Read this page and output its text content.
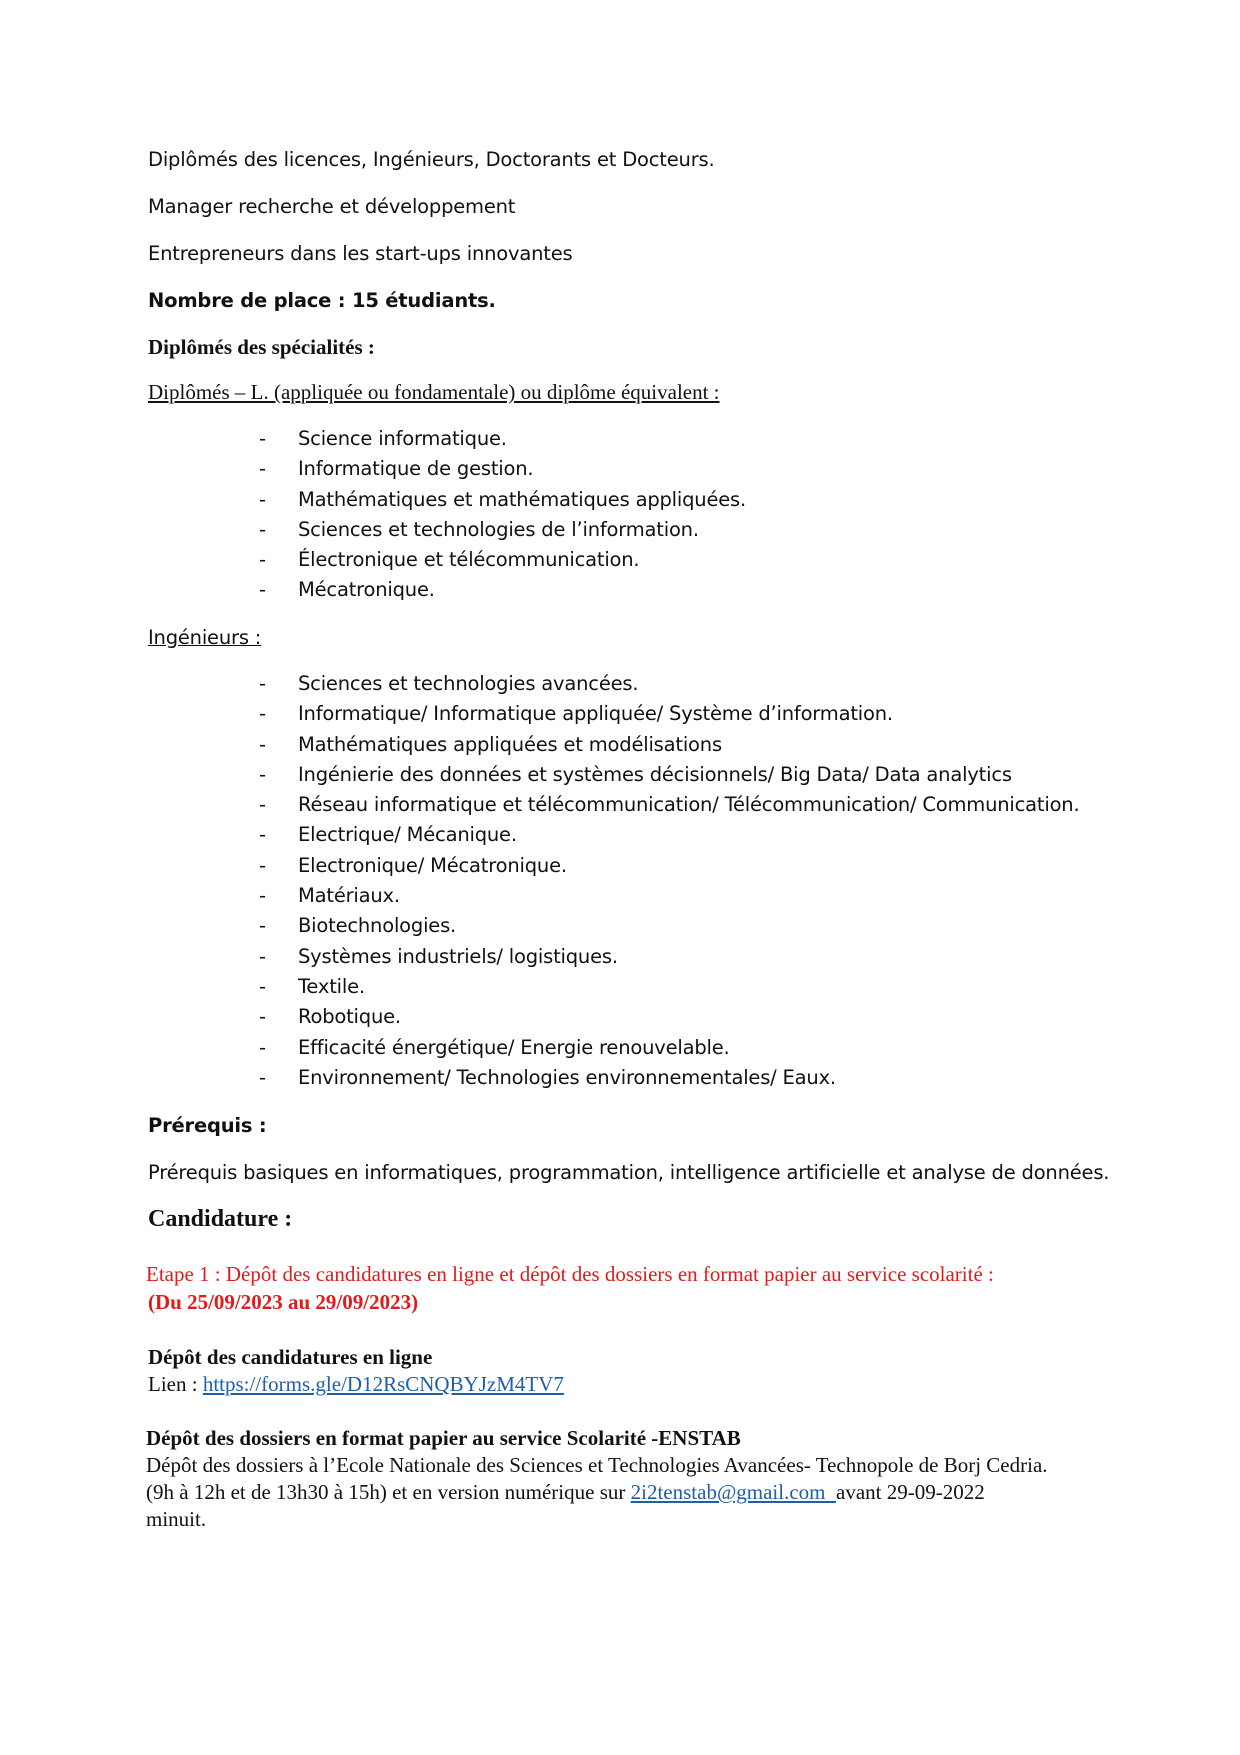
Diplômés des licences, Ingénieurs, Doctorants et Docteurs.
Manager recherche et développement
Entrepreneurs dans les start-ups innovantes
Nombre de place : 15 étudiants.
Diplômés des spécialités :
Diplômés – L. (appliquée ou fondamentale) ou diplôme équivalent :
- Science informatique.
- Informatique de gestion.
- Mathématiques et mathématiques appliquées.
- Sciences et technologies de l’information.
- Électronique et télécommunication.
- Mécatronique.
Ingénieurs :
- Sciences et technologies avancées.
- Informatique/ Informatique appliquée/ Système d’information.
- Mathématiques appliquées et modélisations
- Ingénierie des données et systèmes décisionnels/ Big Data/ Data analytics
- Réseau informatique et télécommunication/ Télécommunication/ Communication.
- Electrique/ Mécanique.
- Electronique/ Mécatronique.
- Matériaux.
- Biotechnologies.
- Systèmes industriels/ logistiques.
- Textile.
- Robotique.
- Efficacité énergétique/ Energie renouvelable.
- Environnement/ Technologies environnementales/ Eaux.
Prérequis :
Prérequis basiques en informatiques, programmation, intelligence artificielle et analyse de données.
Candidature :
Etape 1 : Dépôt des candidatures en ligne et dépôt des dossiers en format papier au service scolarité :
(Du 25/09/2023 au 29/09/2023)
Dépôt des candidatures en ligne
Lien : https://forms.gle/D12RsCNQBYJzM4TV7
Dépôt des dossiers en format papier au service Scolarité -ENSTAB
Dépôt des dossiers à l’Ecole Nationale des Sciences et Technologies Avancées- Technopole de Borj Cedria.
(9h à 12h et de 13h30 à 15h) et en version numérique sur 2i2tenstab@gmail.com  avant 29-09-2022
minuit.
